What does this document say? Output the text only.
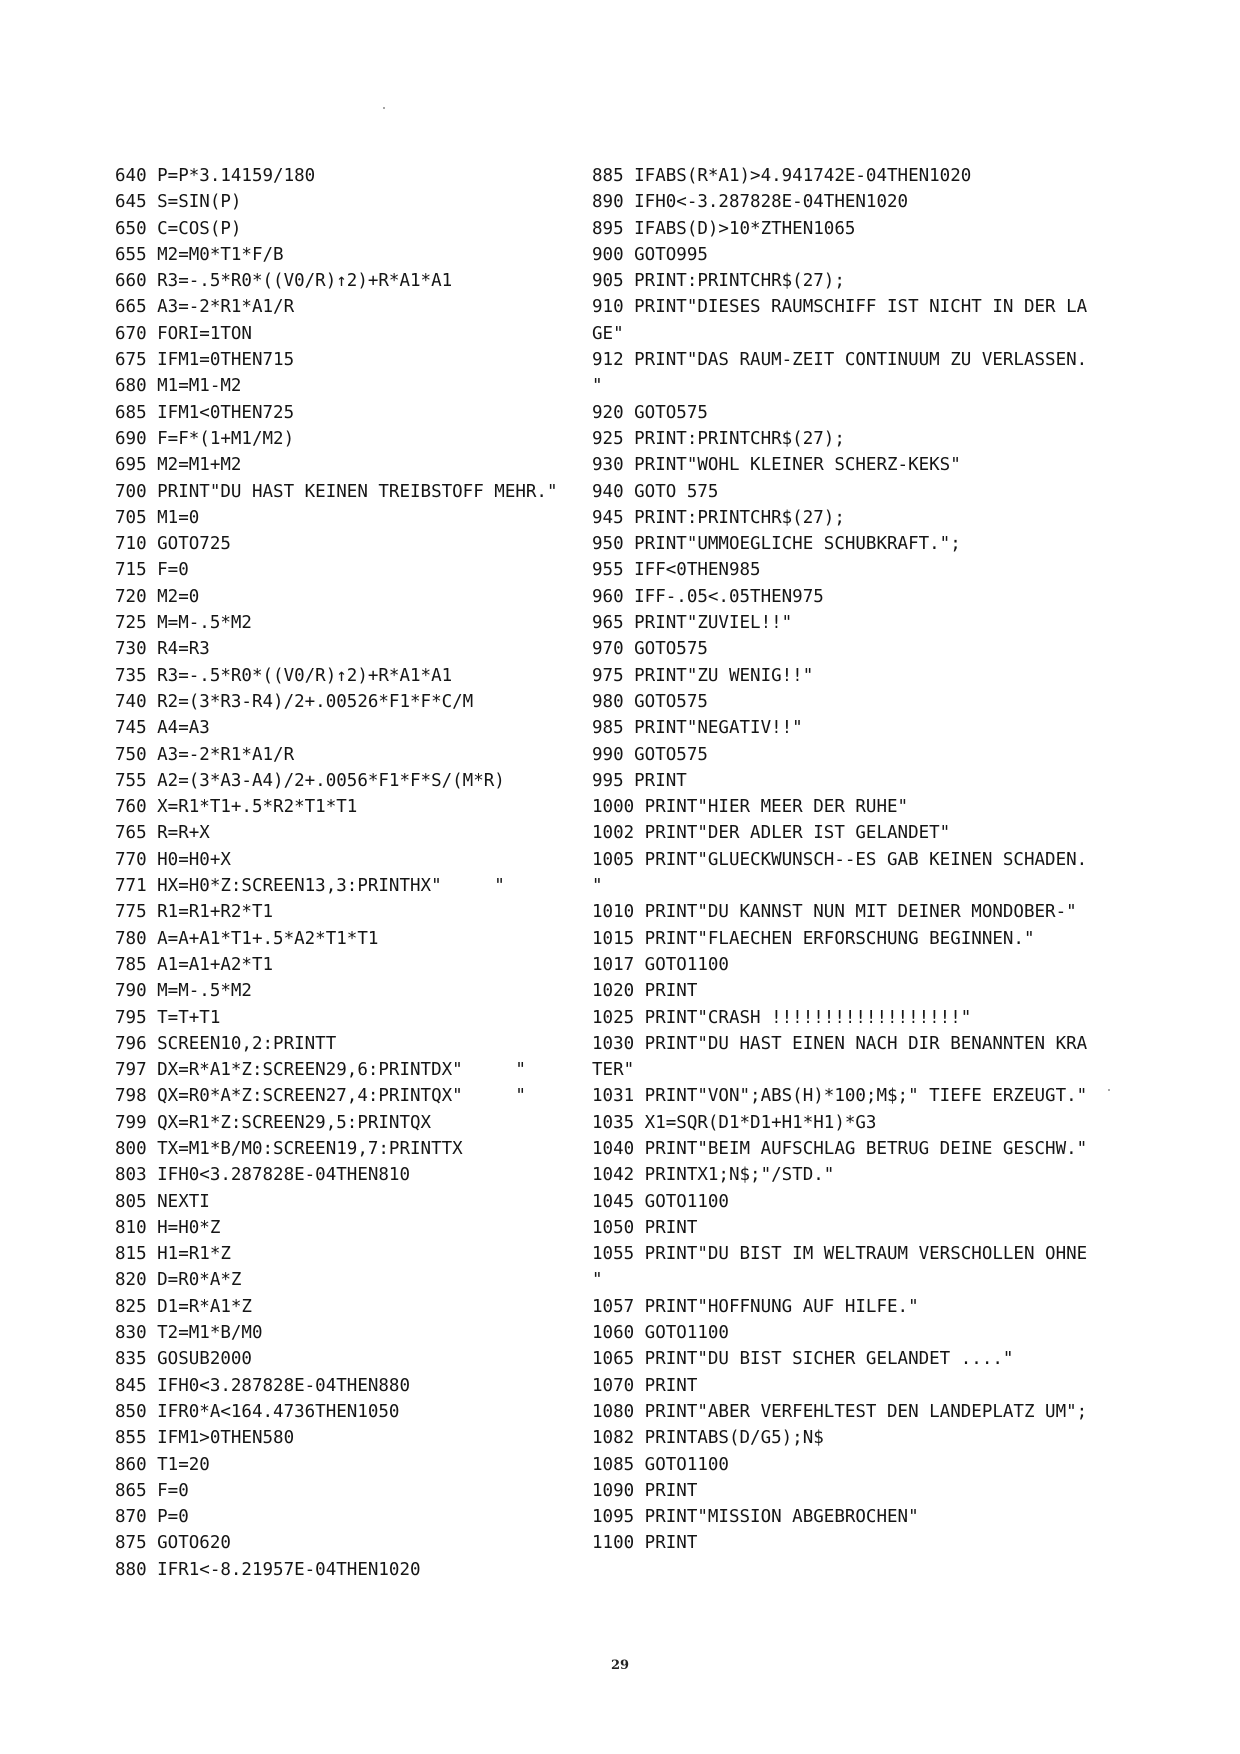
640 P=P*3.14159/180
645 S=SIN(P)
650 C=COS(P)
655 M2=M0*T1*F/B
660 R3=-.5*R0*((V0/R)↑2)+R*A1*A1
665 A3=-2*R1*A1/R
670 FORI=1TON
675 IFM1=0THEN715
680 M1=M1-M2
685 IFM1<0THEN725
690 F=F*(1+M1/M2)
695 M2=M1+M2
700 PRINT"DU HAST KEINEN TREIBSTOFF MEHR."
705 M1=0
710 GOTO725
715 F=0
720 M2=0
725 M=M-.5*M2
730 R4=R3
735 R3=-.5*R0*((V0/R)↑2)+R*A1*A1
740 R2=(3*R3-R4)/2+.00526*F1*F*C/M
745 A4=A3
750 A3=-2*R1*A1/R
755 A2=(3*A3-A4)/2+.0056*F1*F*S/(M*R)
760 X=R1*T1+.5*R2*T1*T1
765 R=R+X
770 H0=H0+X
771 HX=H0*Z:SCREEN13,3:PRINTHX"     "
775 R1=R1+R2*T1
780 A=A+A1*T1+.5*A2*T1*T1
785 A1=A1+A2*T1
790 M=M-.5*M2
795 T=T+T1
796 SCREEN10,2:PRINTT
797 DX=R*A1*Z:SCREEN29,6:PRINTDX"     "
798 QX=R0*A*Z:SCREEN27,4:PRINTQX"     "
799 QX=R1*Z:SCREEN29,5:PRINTQX
800 TX=M1*B/M0:SCREEN19,7:PRINTTX
803 IFH0<3.287828E-04THEN810
805 NEXTI
810 H=H0*Z
815 H1=R1*Z
820 D=R0*A*Z
825 D1=R*A1*Z
830 T2=M1*B/M0
835 GOSUB2000
845 IFH0<3.287828E-04THEN880
850 IFR0*A<164.4736THEN1050
855 IFM1>0THEN580
860 T1=20
865 F=0
870 P=0
875 GOTO620
880 IFR1<-8.21957E-04THEN1020
885 IFABS(R*A1)>4.941742E-04THEN1020
890 IFH0<-3.287828E-04THEN1020
895 IFABS(D)>10*ZTHEN1065
900 GOTO995
905 PRINT:PRINTCHR$(27);
910 PRINT"DIESES RAUMSCHIFF IST NICHT IN DER LA
GE"
912 PRINT"DAS RAUM-ZEIT CONTINUUM ZU VERLASSEN.
"
920 GOTO575
925 PRINT:PRINTCHR$(27);
930 PRINT"WOHL KLEINER SCHERZ-KEKS"
940 GOTO 575
945 PRINT:PRINTCHR$(27);
950 PRINT"UMMOEGLICHE SCHUBKRAFT.";
955 IFF<0THEN985
960 IFF-.05<.05THEN975
965 PRINT"ZUVIEL!!"
970 GOTO575
975 PRINT"ZU WENIG!!"
980 GOTO575
985 PRINT"NEGATIV!!"
990 GOTO575
995 PRINT
1000 PRINT"HIER MEER DER RUHE"
1002 PRINT"DER ADLER IST GELANDET"
1005 PRINT"GLUECKWUNSCH--ES GAB KEINEN SCHADEN.
"
1010 PRINT"DU KANNST NUN MIT DEINER MONDOBER-"
1015 PRINT"FLAECHEN ERFORSCHUNG BEGINNEN."
1017 GOTO1100
1020 PRINT
1025 PRINT"CRASH !!!!!!!!!!!!!!!!!!"
1030 PRINT"DU HAST EINEN NACH DIR BENANNTEN KRA
TER"
1031 PRINT"VON";ABS(H)*100;M$;" TIEFE ERZEUGT."
1035 X1=SQR(D1*D1+H1*H1)*G3
1040 PRINT"BEIM AUFSCHLAG BETRUG DEINE GESCHW."
1042 PRINTX1;N$;"/STD."
1045 GOTO1100
1050 PRINT
1055 PRINT"DU BIST IM WELTRAUM VERSCHOLLEN OHNE
"
1057 PRINT"HOFFNUNG AUF HILFE."
1060 GOTO1100
1065 PRINT"DU BIST SICHER GELANDET ...."
1070 PRINT
1080 PRINT"ABER VERFEHLTEST DEN LANDEPLATZ UM";
1082 PRINTABS(D/G5);N$
1085 GOTO1100
1090 PRINT
1095 PRINT"MISSION ABGEBROCHEN"
1100 PRINT
29
